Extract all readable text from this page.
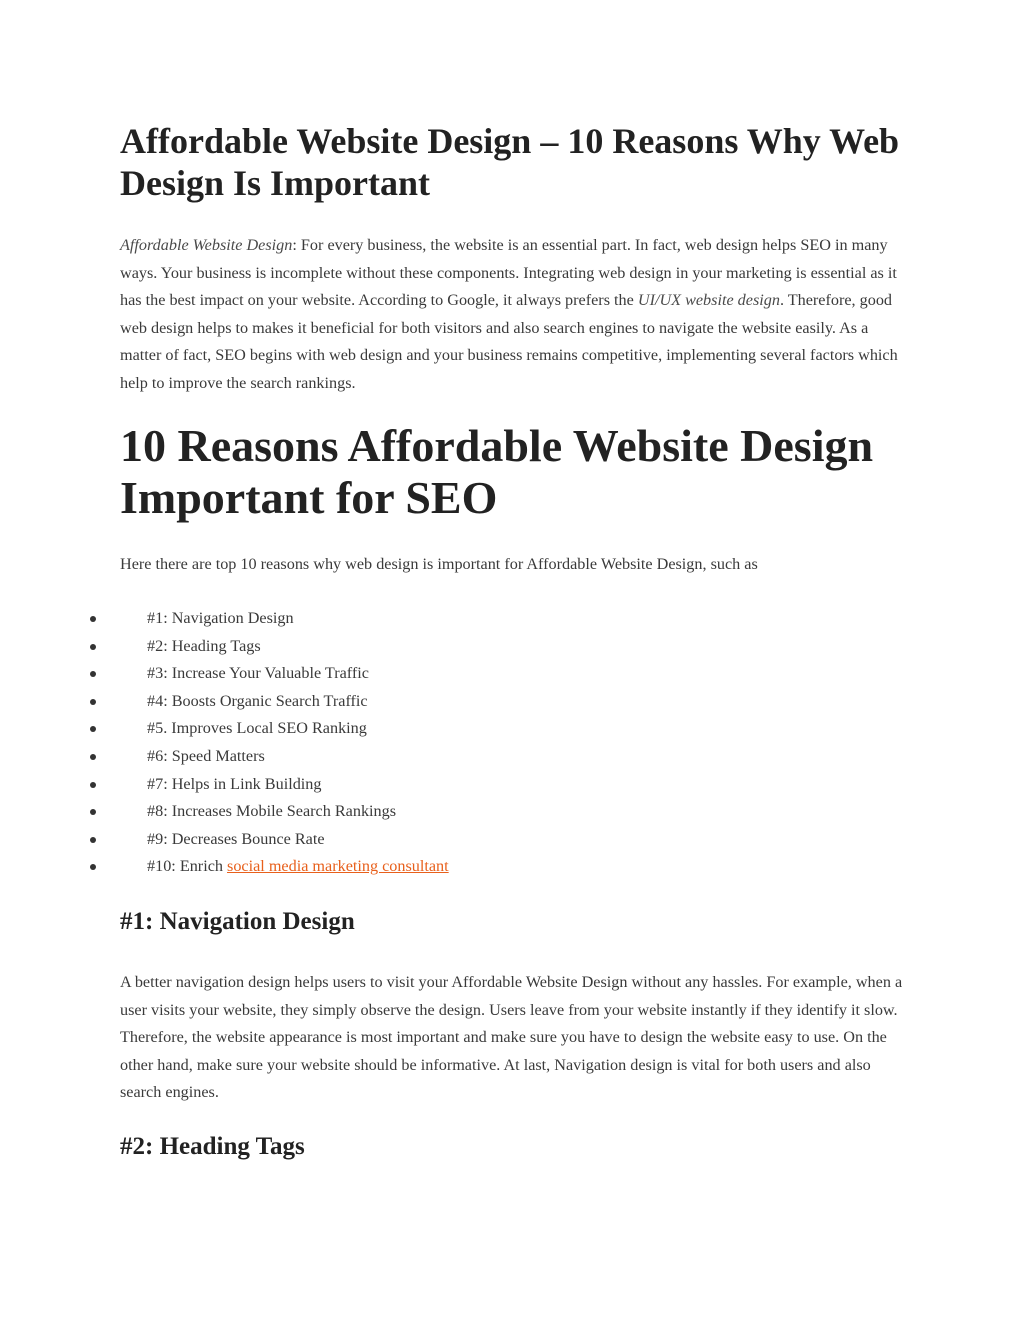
Affordable Website Design – 10 Reasons Why Web Design Is Important

Affordable Website Design: For every business, the website is an essential part. In fact, web design helps SEO in many ways. Your business is incomplete without these components. Integrating web design in your marketing is essential as it has the best impact on your website. According to Google, it always prefers the UI/UX website design. Therefore, good web design helps to makes it beneficial for both visitors and also search engines to navigate the website easily. As a matter of fact, SEO begins with web design and your business remains competitive, implementing several factors which help to improve the search rankings.

10 Reasons Affordable Website Design Important for SEO

Here there are top 10 reasons why web design is important for Affordable Website Design, such as

#1: Navigation Design
#2: Heading Tags
#3: Increase Your Valuable Traffic
#4: Boosts Organic Search Traffic
#5. Improves Local SEO Ranking
#6: Speed Matters
#7: Helps in Link Building
#8: Increases Mobile Search Rankings
#9: Decreases Bounce Rate
#10: Enrich social media marketing consultant
#1: Navigation Design

A better navigation design helps users to visit your Affordable Website Design without any hassles. For example, when a user visits your website, they simply observe the design. Users leave from your website instantly if they identify it slow. Therefore, the website appearance is most important and make sure you have to design the website easy to use. On the other hand, make sure your website should be informative. At last, Navigation design is vital for both users and also search engines.

#2: Heading Tags
